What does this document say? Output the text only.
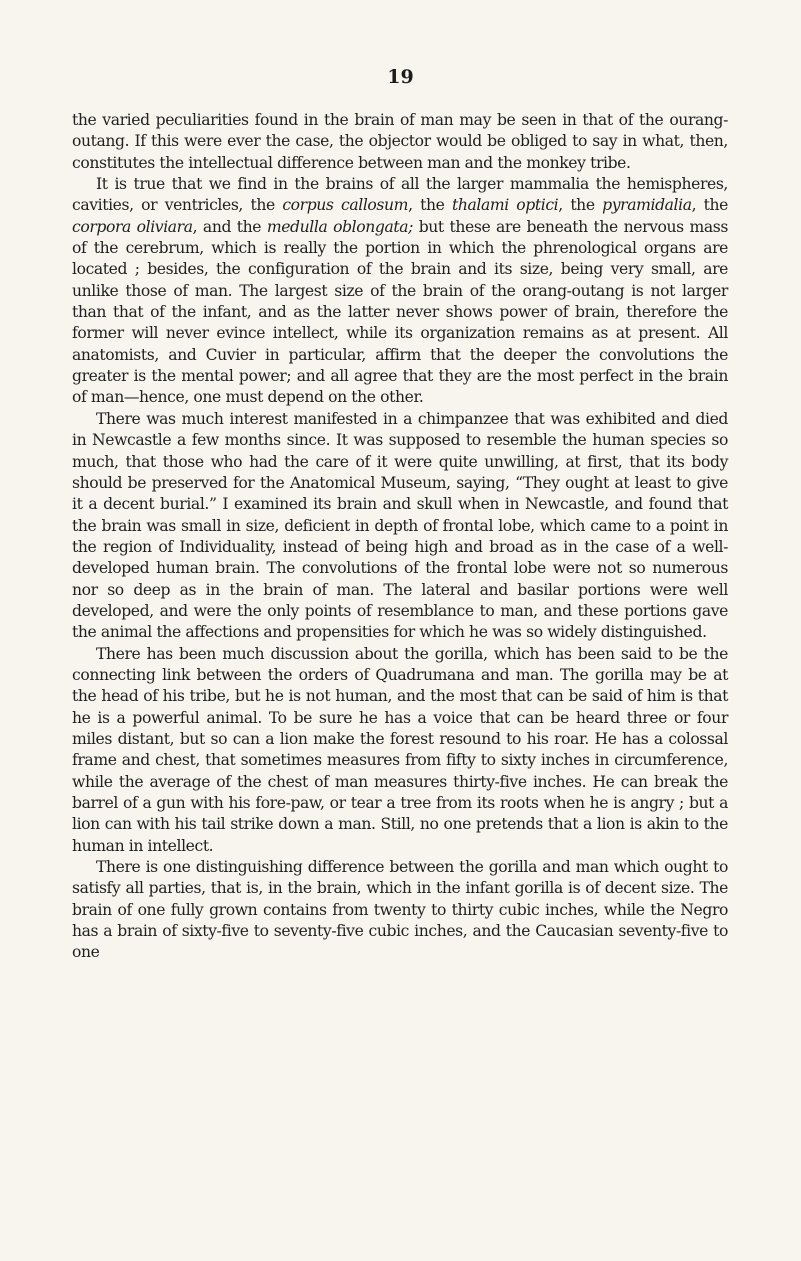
19

the varied peculiarities found in the brain of man may be seen in that of the ourang-outang. If this were ever the case, the objector would be obliged to say in what, then, constitutes the intellectual difference between man and the monkey tribe.

It is true that we find in the brains of all the larger mammalia the hemispheres, cavities, or ventricles, the corpus callosum, the thalami optici, the pyramidalia, the corpora oliviara, and the medulla oblongata; but these are beneath the nervous mass of the cerebrum, which is really the portion in which the phrenological organs are located ; besides, the configuration of the brain and its size, being very small, are unlike those of man. The largest size of the brain of the orang-outang is not larger than that of the infant, and as the latter never shows power of brain, therefore the former will never evince intellect, while its organization remains as at present. All anatomists, and Cuvier in particular, affirm that the deeper the convolutions the greater is the mental power; and all agree that they are the most perfect in the brain of man—hence, one must depend on the other.

There was much interest manifested in a chimpanzee that was exhibited and died in Newcastle a few months since. It was supposed to resemble the human species so much, that those who had the care of it were quite unwilling, at first, that its body should be preserved for the Anatomical Museum, saying, “They ought at least to give it a decent burial.” I examined its brain and skull when in Newcastle, and found that the brain was small in size, deficient in depth of frontal lobe, which came to a point in the region of Individuality, instead of being high and broad as in the case of a well-developed human brain. The convolutions of the frontal lobe were not so numerous nor so deep as in the brain of man. The lateral and basilar portions were well developed, and were the only points of resemblance to man, and these portions gave the animal the affections and propensities for which he was so widely distinguished.

There has been much discussion about the gorilla, which has been said to be the connecting link between the orders of Quadrumana and man. The gorilla may be at the head of his tribe, but he is not human, and the most that can be said of him is that he is a powerful animal. To be sure he has a voice that can be heard three or four miles distant, but so can a lion make the forest resound to his roar. He has a colossal frame and chest, that sometimes measures from fifty to sixty inches in circumference, while the average of the chest of man measures thirty-five inches. He can break the barrel of a gun with his fore-paw, or tear a tree from its roots when he is angry ; but a lion can with his tail strike down a man. Still, no one pretends that a lion is akin to the human in intellect.

There is one distinguishing difference between the gorilla and man which ought to satisfy all parties, that is, in the brain, which in the infant gorilla is of decent size. The brain of one fully grown contains from twenty to thirty cubic inches, while the Negro has a brain of sixty-five to seventy-five cubic inches, and the Caucasian seventy-five to one
